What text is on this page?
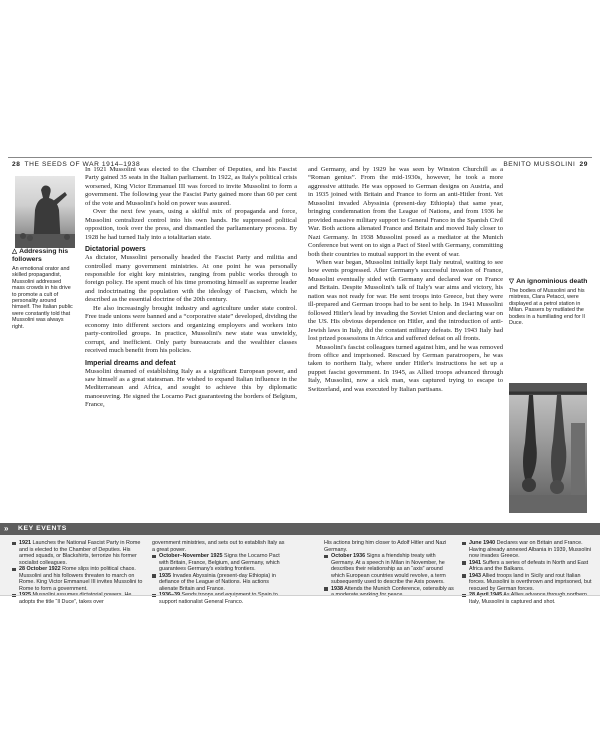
28 THE SEEDS OF WAR 1914–1938	BENITO MUSSOLINI 29
△ Addressing his followers
An emotional orator and skilled propagandist, Mussolini addressed mass crowds in his drive to promote a cult of personality around himself. The Italian public were constantly told that Mussolini was always right.

In 1921 Mussolini was elected to the Chamber of Deputies, and his Fascist Party gained 35 seats in the Italian parliament. In 1922, as Italy's political crisis worsened, King Victor Emmanuel III was forced to invite Mussolini to form a government. The following year the Fascist Party gained more than 60 per cent of the vote and Mussolini's hold on power was assured.

Over the next few years, using a skilful mix of propaganda and force, Mussolini centralized control into his own hands. He suppressed political opposition, took over the press, and dismantled the parliamentary process. By 1928 he had turned Italy into a totalitarian state.

Dictatorial powers

As dictator, Mussolini personally headed the Fascist Party and militia and controlled many government ministries. At one point he was personally responsible for eight key ministries, ranging from public works through to foreign policy. He spent much of his time promoting himself as supreme leader and indoctrinating the population with the ideology of Fascism, which he described as the essential doctrine of the 20th century.

He also increasingly brought industry and agriculture under state control. Free trade unions were banned and a “corporative state” developed, dividing the economy into different sectors and organizing employers and workers into party-controlled groups. In practice, Mussolini's new state was unwieldy, corrupt, and inefficient. Only party bureaucrats and the wealthier classes received much benefit from his policies.

Imperial dreams and defeat

Mussolini dreamed of establishing Italy as a significant European power, and saw himself as a great statesman. He wished to expand Italian influence in the Mediterranean and Africa, and sought to achieve this by diplomatic manoeuvring. He signed the Locarno Pact guaranteeing the borders of Belgium, France,

and Germany, and by 1929 he was seen by Winston Churchill as a “Roman genius”. From the mid-1930s, however, he took a more aggressive attitude. He was opposed to German designs on Austria, and in 1935 joined with Britain and France to form an anti-Hitler front. Yet Mussolini invaded Abyssinia (present-day Ethiopia) that same year, bringing condemnation from the League of Nations, and from 1936 he provided massive military support to General Franco in the Spanish Civil War. Both actions alienated France and Britain and moved Italy closer to Nazi Germany. In 1938 Mussolini posed as a mediator at the Munich Conference but went on to sign a Pact of Steel with Germany, committing both their countries to mutual support in the event of war.

When war began, Mussolini initially kept Italy neutral, waiting to see how events progressed. After Germany's successful invasion of France, Mussolini eventually sided with Germany and declared war on France and Britain. Despite Mussolini's talk of Italy's war aims and victory, his nation was not ready for war. He sent troops into Greece, but they were ill-prepared and German troops had to be sent to help. In 1941 Mussolini followed Hitler's lead by invading the Soviet Union and declaring war on the US. His obvious dependence on Hitler, and the introduction of anti-Jewish laws in Italy, did the constant military defeats. By 1943 Italy had lost prized possessions in Africa and suffered defeat on all fronts.

Mussolini's fascist colleagues turned against him, and he was removed from office and imprisoned. Rescued by German paratroopers, he was taken to northern Italy, where under Hitler's instructions he set up a puppet fascist government. In 1945, as Allied troops advanced through Italy, Mussolini, now a sick man, was captured trying to escape to Switzerland, and was executed by Italian partisans.

▽ An ignominious death
The bodies of Mussolini and his mistress, Clara Petacci, were displayed at a petrol station in Milan. Passers by mutilated the bodies in a humiliating end for Il Duce.
» KEY EVENTS

1921 Launches the National Fascist Party in Rome and is elected to the Chamber of Deputies. His armed squads, or Blackshirts, terrorize his former socialist colleagues.

28 October 1922 Rome slips into political chaos. Mussolini and his followers threaten to march on Rome. King Victor Emmanuel III invites Mussolini to Rome to form a government.

adopts the title “Il Duce”, takes over

government ministries, and sets out to establish Italy as a great power.

October–November 1925 Signs the Locarno Pact with Britain, France, Belgium, and Germany, which guarantees Germany's existing frontiers.

1935 Invades Abyssinia (present-day Ethiopia) in defiance of the League of Nations. His actions alienate Britain and France.

support nationalist General Franco.

His actions bring him closer to Adolf Hitler and Nazi Germany.

October 1936 Signs a friendship treaty with Germany. At a speech in Milan in November, he describes their relationship as an “axis” around which European countries would revolve, a term subsequently used to describe the Axis powers.

1938 Attends the Munich Conference, ostensibly as

June 1940 Declares war on Britain and France. Having already annexed Albania in 1939, Mussolini now invades Greece.

1941 Suffers a series of defeats in North and East Africa and the Balkans.

1943 Allied troops land in Sicily and rout Italian forces. Mussolini is overthrown and imprisoned, but rescued by German forces.

Italy, Mussolini is captured and shot.
